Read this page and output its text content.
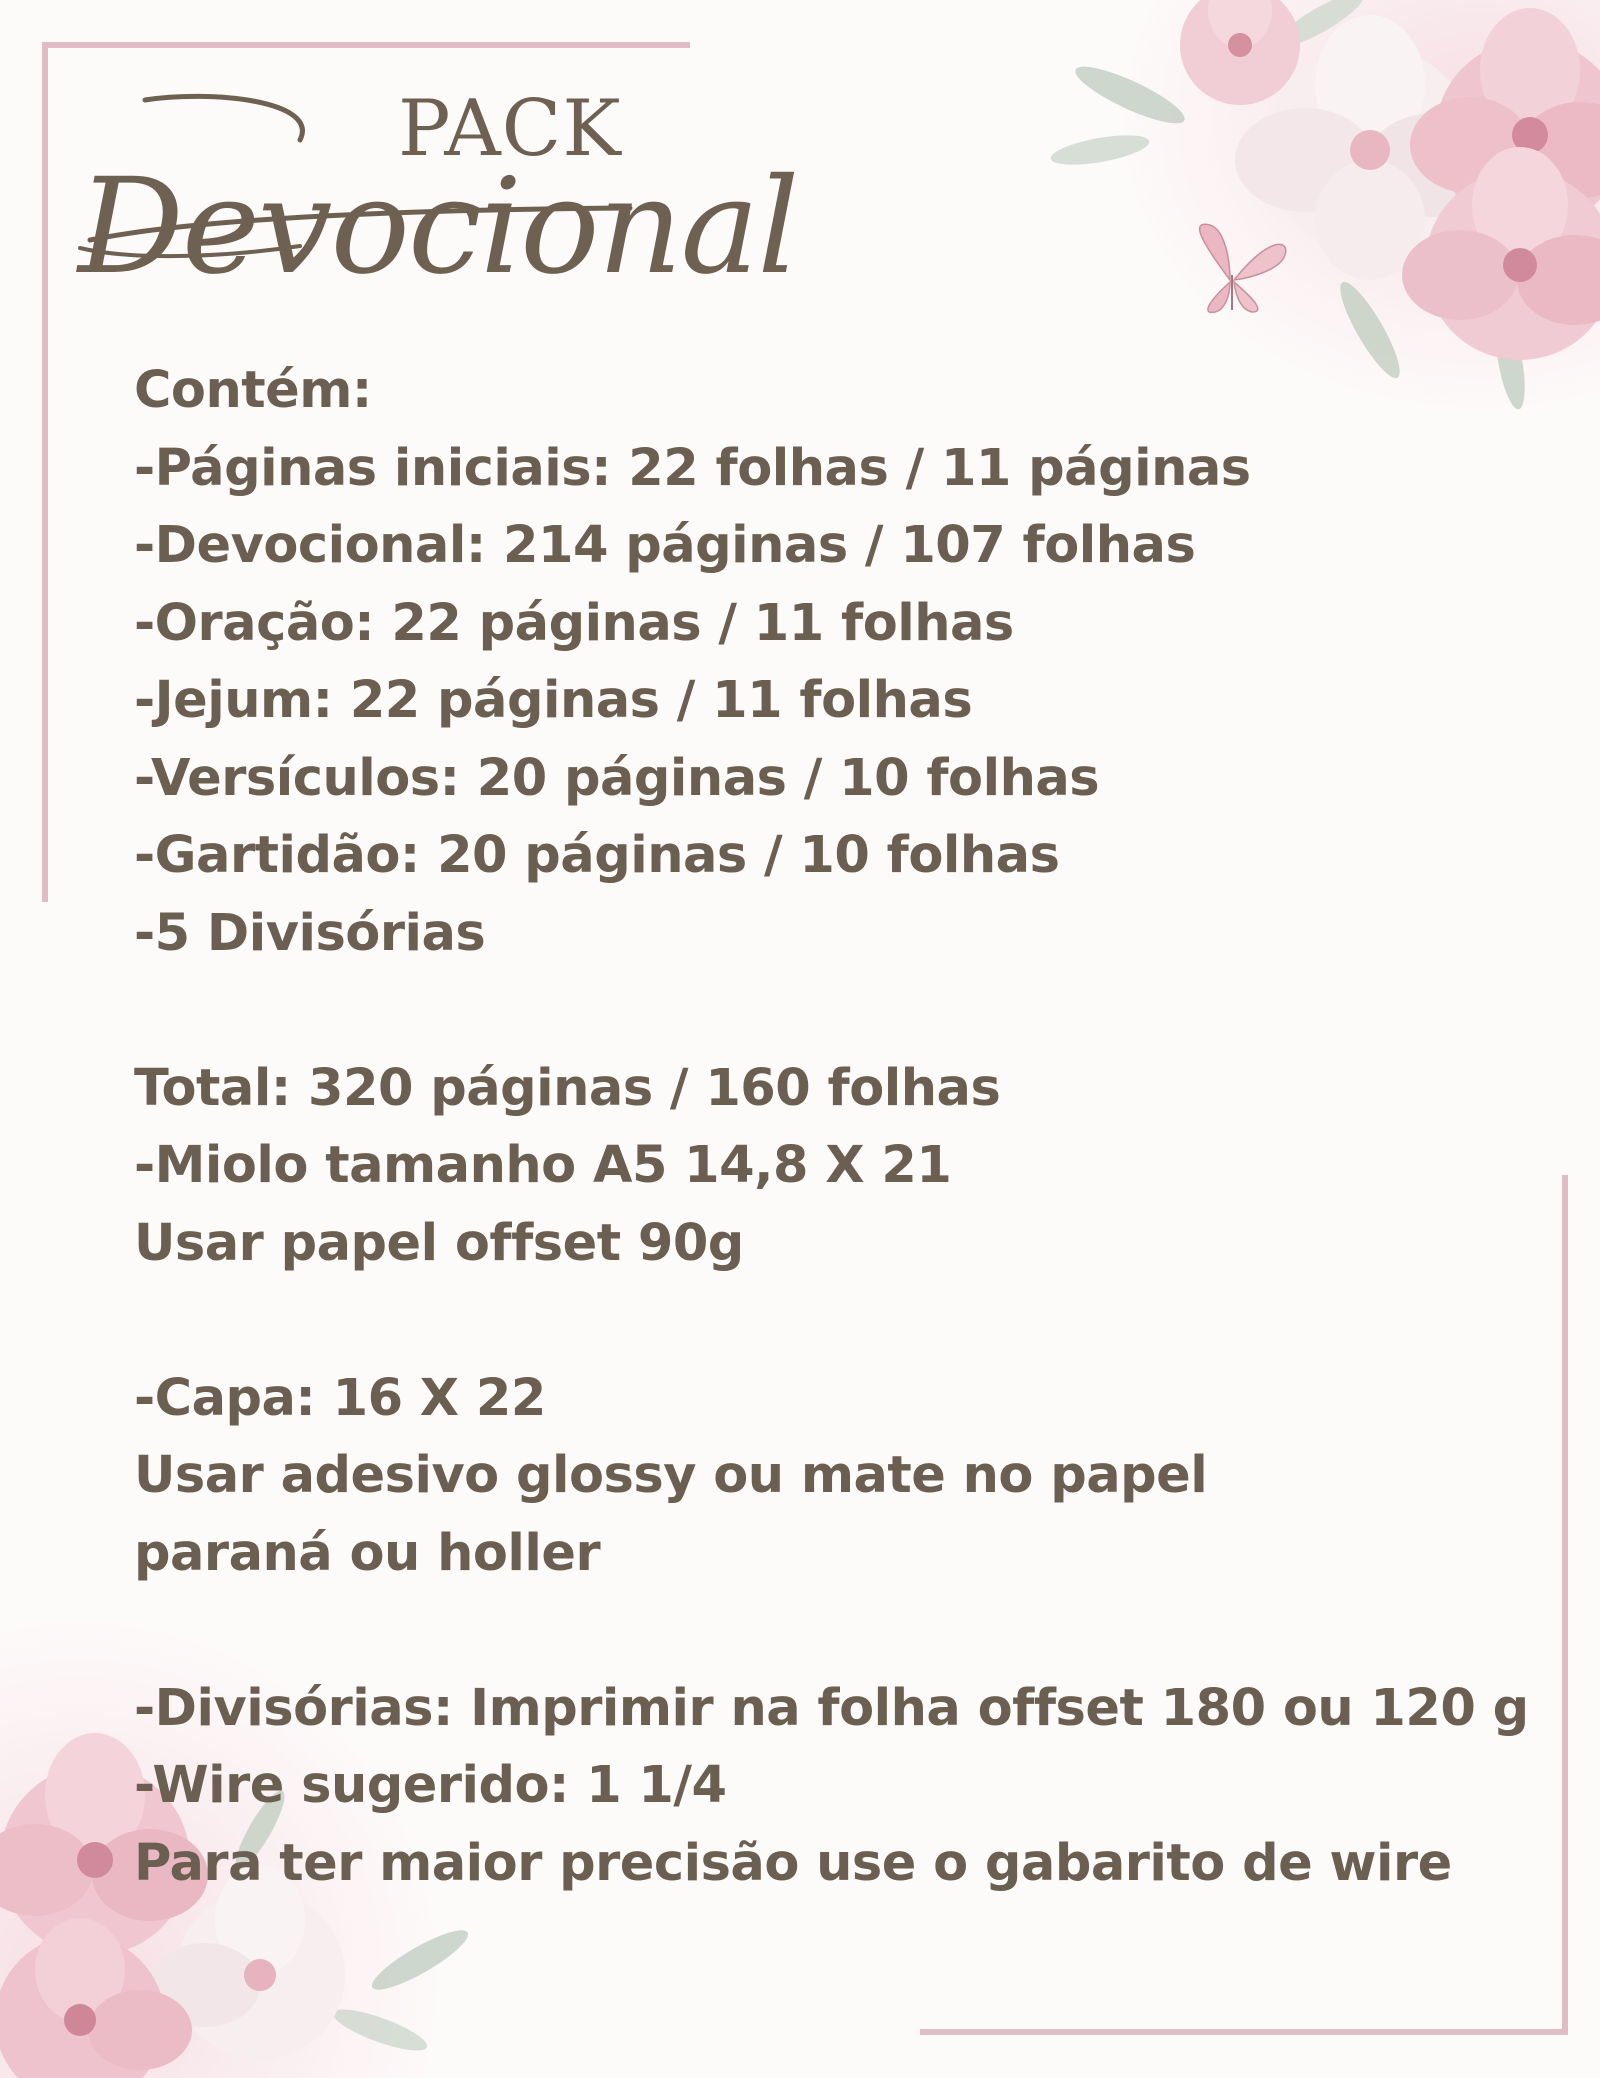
PACK
Devocional
Contém:
-Páginas iniciais: 22 folhas / 11 páginas
-Devocional: 214 páginas / 107 folhas
-Oração: 22 páginas / 11 folhas
-Jejum: 22 páginas / 11 folhas
-Versículos: 20 páginas / 10 folhas
-Gartidão: 20 páginas / 10 folhas
-5 Divisórias
Total: 320 páginas / 160 folhas
-Miolo tamanho A5 14,8 X 21
Usar papel offset 90g
-Capa: 16 X 22
Usar adesivo glossy ou mate no papel
paraná ou holler
-Divisórias: Imprimir na folha offset 180 ou 120 g
-Wire sugerido: 1 1/4
Para ter maior precisão use o gabarito de wire
